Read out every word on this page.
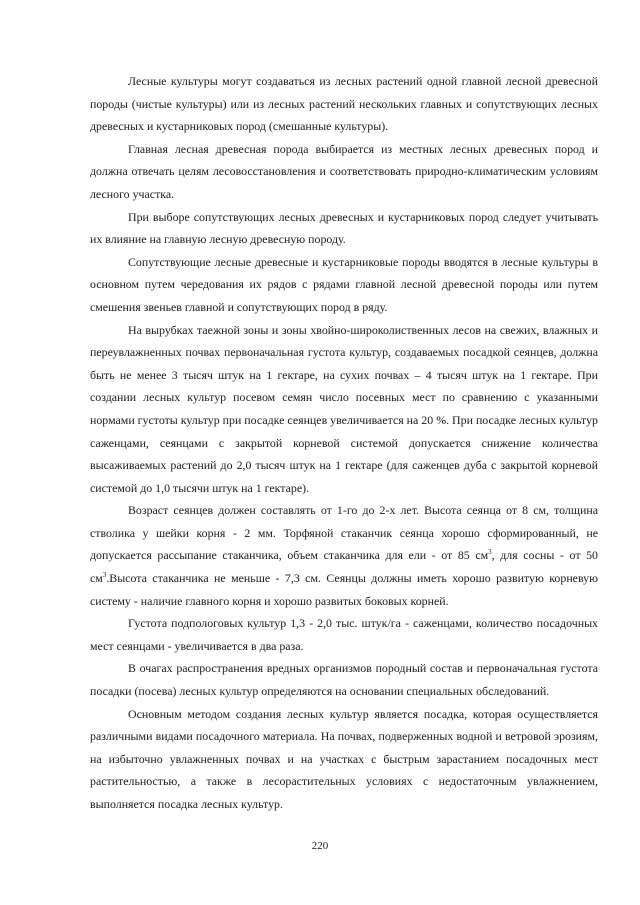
Лесные культуры могут создаваться из лесных растений одной главной лесной древесной породы (чистые культуры) или из лесных растений нескольких главных и сопутствующих лесных древесных и кустарниковых пород (смешанные культуры).

Главная лесная древесная порода выбирается из местных лесных древесных пород и должна отвечать целям лесовосстановления и соответствовать природно-климатическим условиям лесного участка.

При выборе сопутствующих лесных древесных и кустарниковых пород следует учитывать их влияние на главную лесную древесную породу.

Сопутствующие лесные древесные и кустарниковые породы вводятся в лесные культуры в основном путем чередования их рядов с рядами главной лесной древесной породы или путем смешения звеньев главной и сопутствующих пород в ряду.

На вырубках таежной зоны и зоны хвойно-широколиственных лесов на свежих, влажных и переувлажненных почвах первоначальная густота культур, создаваемых посадкой сеянцев, должна быть не менее 3 тысяч штук на 1 гектаре, на сухих почвах – 4 тысяч штук на 1 гектаре. При создании лесных культур посевом семян число посевных мест по сравнению с указанными нормами густоты культур при посадке сеянцев увеличивается на 20 %. При посадке лесных культур саженцами, сеянцами с закрытой корневой системой допускается снижение количества высаживаемых растений до 2,0 тысяч штук на 1 гектаре (для саженцев дуба с закрытой корневой системой до 1,0 тысячи штук на 1 гектаре).

Возраст сеянцев должен составлять от 1-го до 2-х лет. Высота сеянца от 8 см, толщина стволика у шейки корня - 2 мм. Торфяной стаканчик сеянца хорошо сформированный, не допускается рассыпание стаканчика, объем стаканчика для ели - от 85 $см^3$, для сосны - от 50 $см^3.Высота$ стаканчика не меньше - 7,3 см. Сеянцы должны иметь хорошо развитую корневую систему - наличие главного корня и хорошо развитых боковых корней.

Густота подпологовых культур 1,3 - 2,0 тыс. штук/га - саженцами, количество посадочных мест сеянцами - увеличивается в два раза.

В очагах распространения вредных организмов породный состав и первоначальная густота посадки (посева) лесных культур определяются на основании специальных обследований.

Основным методом создания лесных культур является посадка, которая осуществляется различными видами посадочного материала. На почвах, подверженных водной и ветровой эрозиям, на избыточно увлажненных почвах и на участках с быстрым зарастанием посадочных мест растительностью, а также в лесорастительных условиях с недостаточным увлажнением, выполняется посадка лесных культур.

220
